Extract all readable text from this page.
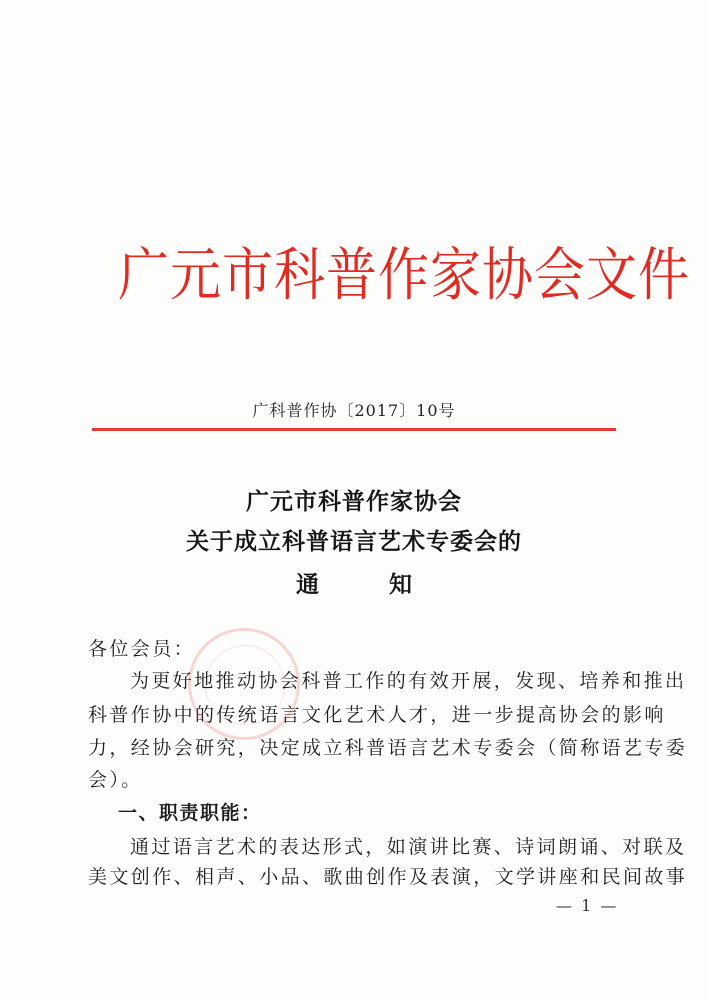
广元市科普作家协会文件
广科普作协〔2017〕10号
广元市科普作家协会
关于成立科普语言艺术专委会的
通	知
各位会员：
为更好地推动协会科普工作的有效开展，发现、培养和推出
科普作协中的传统语言文化艺术人才，进一步提高协会的影响
力，经协会研究，决定成立科普语言艺术专委会（简称语艺专委
会）。
一、职责职能：
通过语言艺术的表达形式，如演讲比赛、诗词朗诵、对联及
美文创作、相声、小品、歌曲创作及表演，文学讲座和民间故事
— 1 —
